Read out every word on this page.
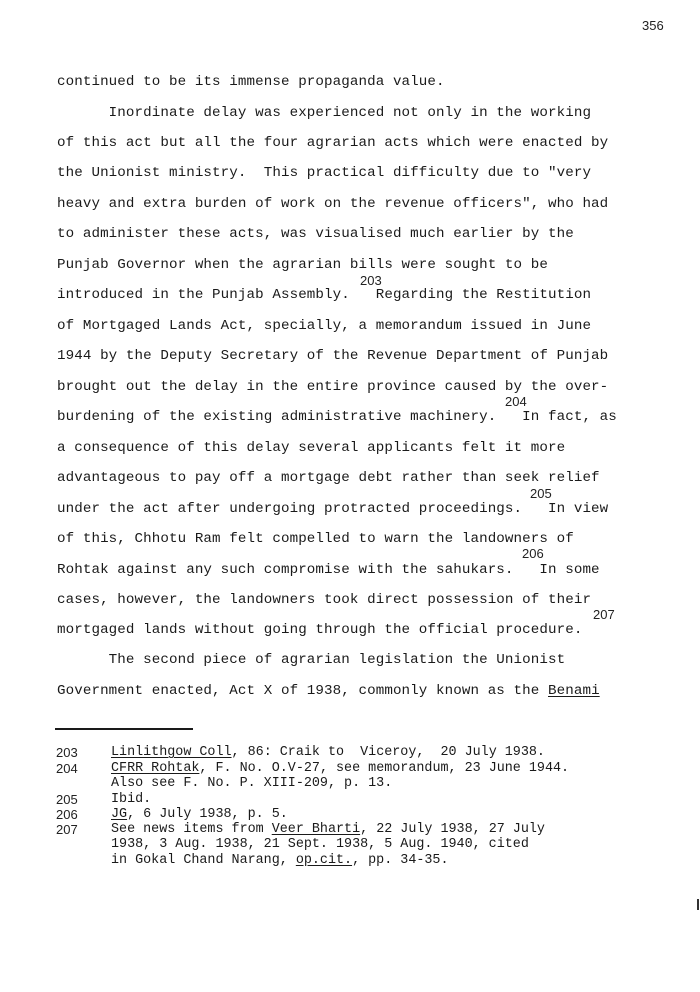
356
continued to be its immense propaganda value.
Inordinate delay was experienced not only in the working
of this act but all the four agrarian acts which were enacted by
the Unionist ministry.  This practical difficulty due to "very
heavy and extra burden of work on the revenue officers", who had
to administer these acts, was visualised much earlier by the
Punjab Governor when the agrarian bills were sought to be
203
introduced in the Punjab Assembly.   Regarding the Restitution
of Mortgaged Lands Act, specially, a memorandum issued in June
1944 by the Deputy Secretary of the Revenue Department of Punjab
brought out the delay in the entire province caused by the over-
204
burdening of the existing administrative machinery.   In fact, as
a consequence of this delay several applicants felt it more
advantageous to pay off a mortgage debt rather than seek relief
205
under the act after undergoing protracted proceedings.   In view
of this, Chhotu Ram felt compelled to warn the landowners of
206
Rohtak against any such compromise with the sahukars.   In some
cases, however, the landowners took direct possession of their
207
mortgaged lands without going through the official procedure.
The second piece of agrarian legislation the Unionist
Government enacted, Act X of 1938, commonly known as the Benami
203 Linlithgow Coll, 86: Craik to  Viceroy,  20 July 1938.
204 CFRR Rohtak, F. No. O.V-27, see memorandum, 23 June 1944.
Also see F. No. P. XIII-209, p. 13.
205 Ibid.
206 JG, 6 July 1938, p. 5.
207 See news items from Veer Bharti, 22 July 1938, 27 July
1938, 3 Aug. 1938, 21 Sept. 1938, 5 Aug. 1940, cited
in Gokal Chand Narang, op.cit., pp. 34-35.
